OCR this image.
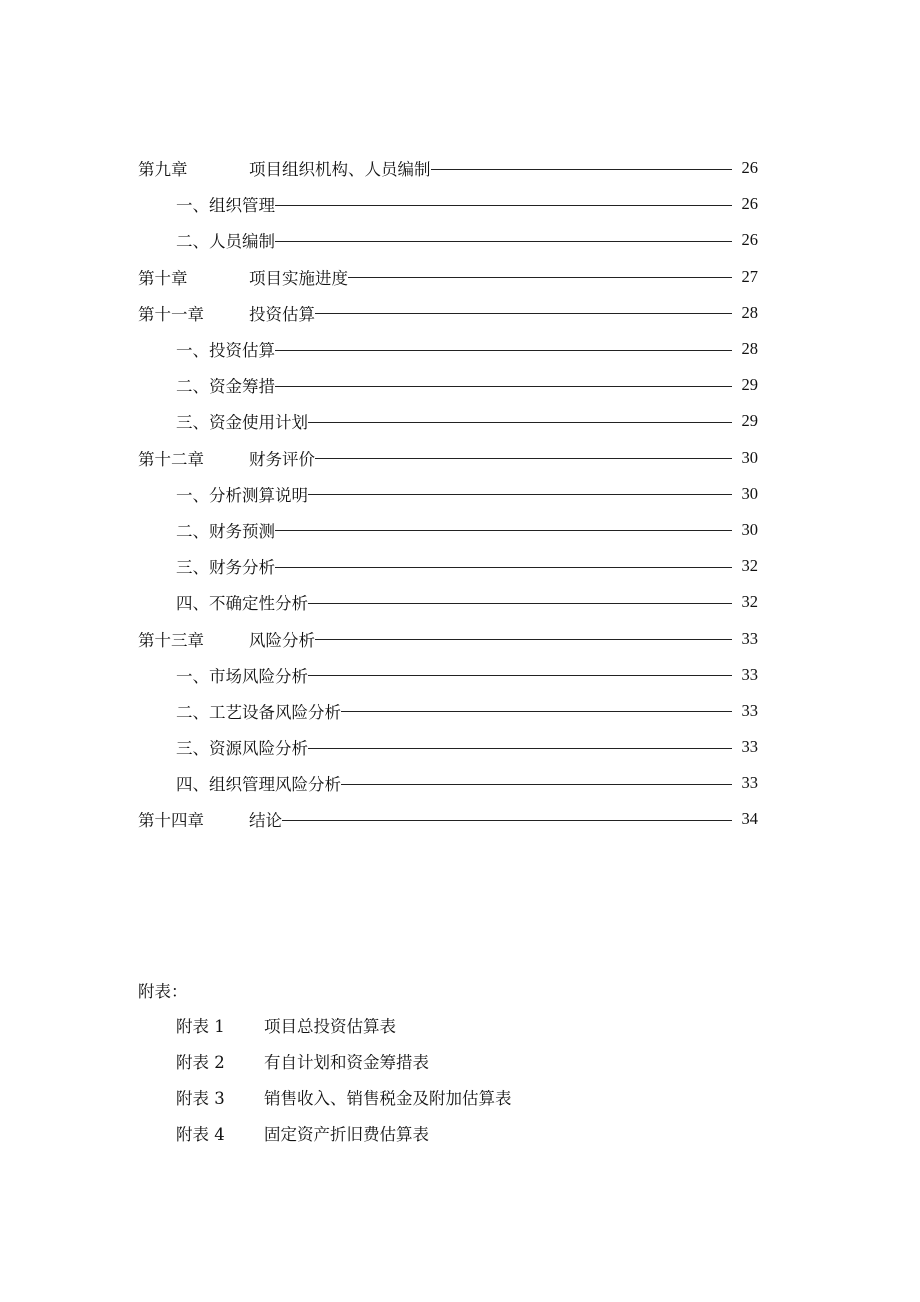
第九章	项目组织机构、人员编制	26
一、组织管理	26
二、人员编制	26
第十章	项目实施进度	27
第十一章	投资估算	28
一、投资估算	28
二、资金筹措	29
三、资金使用计划	29
第十二章	财务评价	30
一、分析测算说明	30
二、财务预测	30
三、财务分析	32
四、不确定性分析	32
第十三章	风险分析	33
一、市场风险分析	33
二、工艺设备风险分析	33
三、资源风险分析	33
四、组织管理风险分析	33
第十四章	结论	34
附表：
附表 1	项目总投资估算表
附表 2	有自计划和资金筹措表
附表 3	销售收入、销售税金及附加估算表
附表 4	固定资产折旧费估算表
